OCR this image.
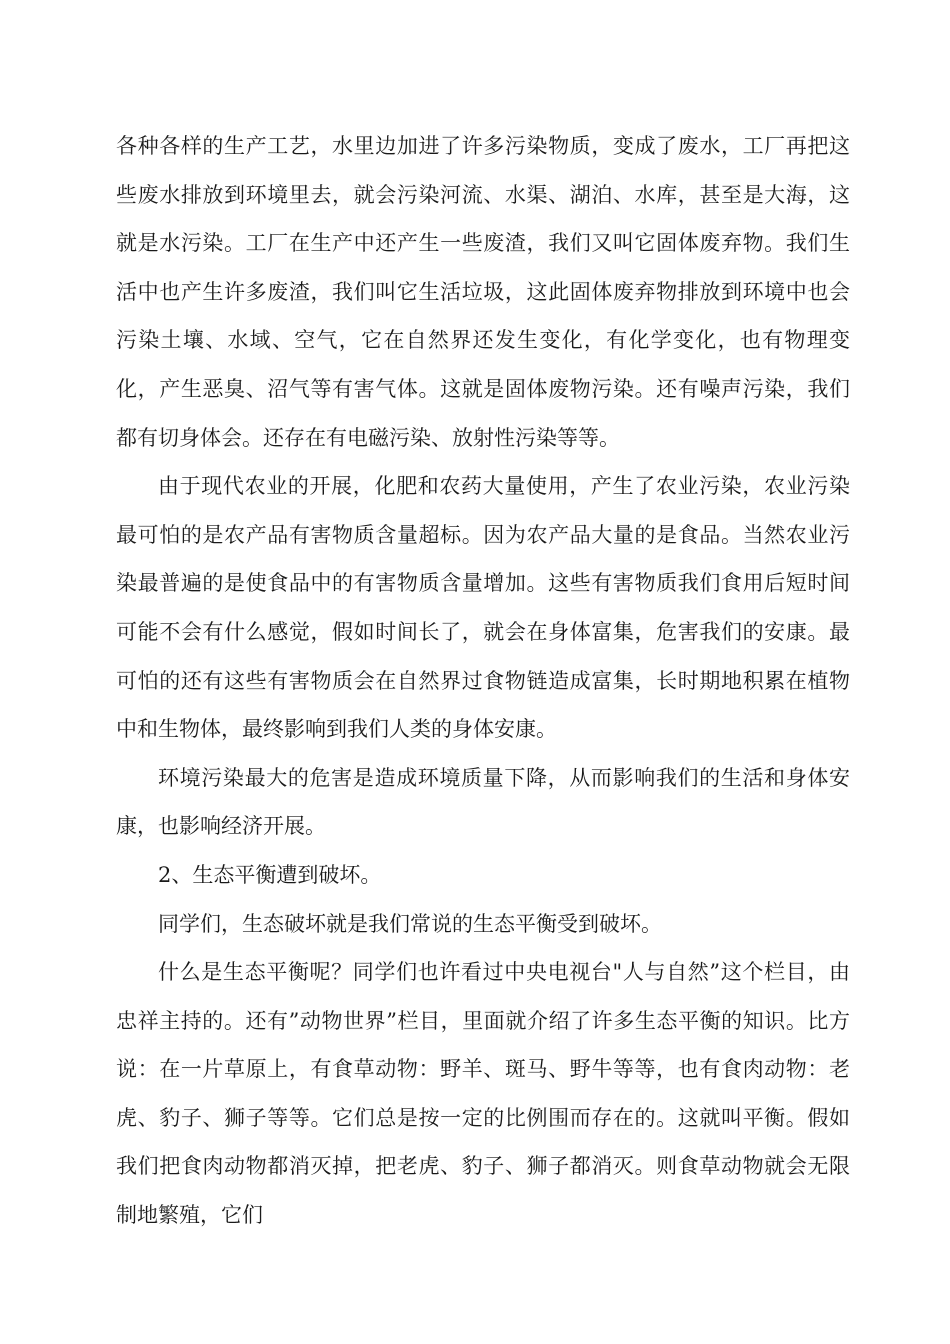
各种各样的生产工艺，水里边加进了许多污染物质，变成了废水，工厂再把这些废水排放到环境里去，就会污染河流、水渠、湖泊、水库，甚至是大海，这就是水污染。工厂在生产中还产生一些废渣，我们又叫它固体废弃物。我们生活中也产生许多废渣，我们叫它生活垃圾，这此固体废弃物排放到环境中也会污染土壤、水域、空气，它在自然界还发生变化，有化学变化，也有物理变化，产生恶臭、沼气等有害气体。这就是固体废物污染。还有噪声污染，我们都有切身体会。还存在有电磁污染、放射性污染等等。

由于现代农业的开展，化肥和农药大量使用，产生了农业污染，农业污染最可怕的是农产品有害物质含量超标。因为农产品大量的是食品。当然农业污染最普遍的是使食品中的有害物质含量增加。这些有害物质我们食用后短时间可能不会有什么感觉，假如时间长了，就会在身体富集，危害我们的安康。最可怕的还有这些有害物质会在自然界过食物链造成富集，长时期地积累在植物中和生物体，最终影响到我们人类的身体安康。

环境污染最大的危害是造成环境质量下降，从而影响我们的生活和身体安康，也影响经济开展。

2、生态平衡遭到破坏。

同学们，生态破坏就是我们常说的生态平衡受到破坏。

什么是生态平衡呢？同学们也许看过中央电视台"人与自然”这个栏目，由忠祥主持的。还有”动物世界”栏目，里面就介绍了许多生态平衡的知识。比方说：在一片草原上，有食草动物：野羊、斑马、野牛等等，也有食肉动物：老虎、豹子、狮子等等。它们总是按一定的比例围而存在的。这就叫平衡。假如我们把食肉动物都消灭掉，把老虎、豹子、狮子都消灭。则食草动物就会无限制地繁殖，它们
